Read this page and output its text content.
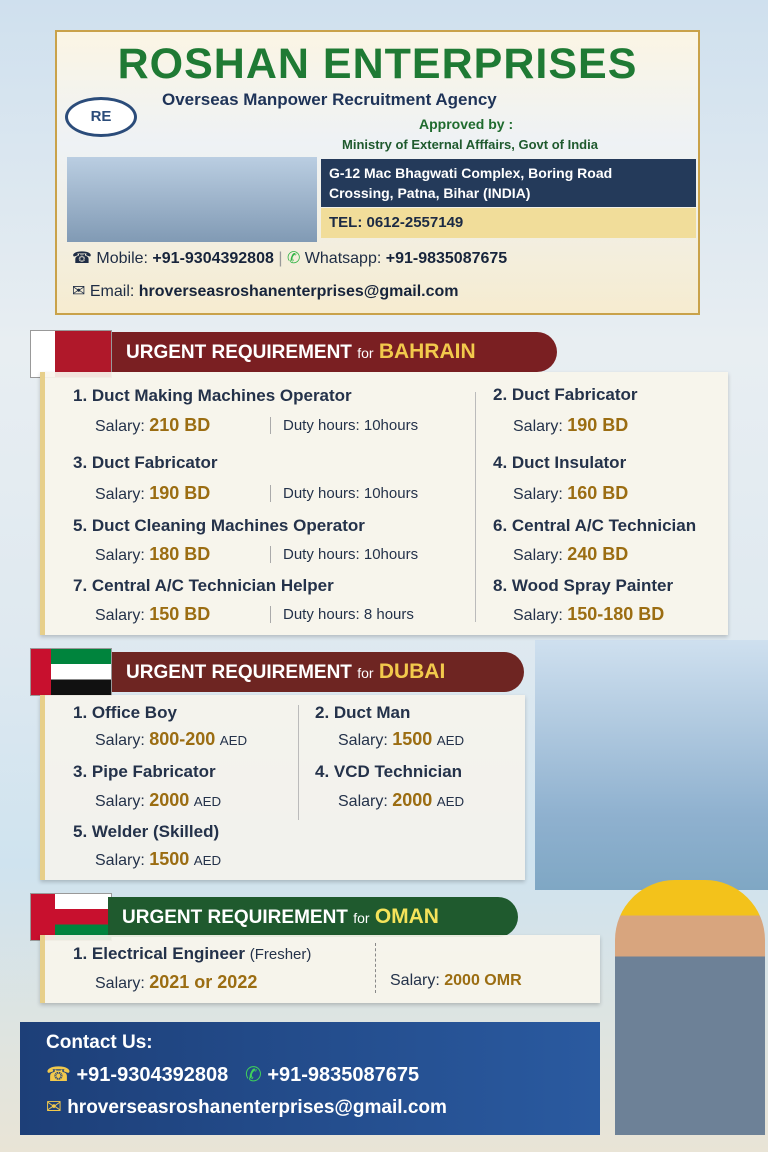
ROSHAN ENTERPRISES
RE
Overseas Manpower Recruitment Agency
Approved by :
Ministry of External Afffairs, Govt of India
G-12 Mac Bhagwati Complex, Boring Road
Crossing, Patna, Bihar (INDIA)
TEL: 0612-2557149
☎ Mobile: +91-9304392808 | ✆ Whatsapp: +91-9835087675
✉ Email: hroverseasroshanenterprises@gmail.com
URGENT REQUIREMENT for BAHRAIN
1. Duct Making Machines Operator
Salary: 210 BD	Duty hours: 10hours
2. Duct Fabricator
Salary: 190 BD
3. Duct Fabricator
Salary: 190 BD	Duty hours: 10hours
4. Duct Insulator
Salary: 160 BD
5. Duct Cleaning Machines Operator
Salary: 180 BD	Duty hours: 10hours
6. Central A/C Technician
Salary: 240 BD
7. Central A/C Technician Helper
Salary: 150 BD	Duty hours: 8 hours
8. Wood Spray Painter
Salary: 150-180 BD
URGENT REQUIREMENT for DUBAI
1. Office Boy
Salary: 800-200 AED
2. Duct Man
Salary: 1500 AED
3. Pipe Fabricator
Salary: 2000 AED
4. VCD Technician
Salary: 2000 AED
5. Welder (Skilled)
Salary: 1500 AED
URGENT REQUIREMENT for OMAN
1. Electrical Engineer (Fresher)
Salary: 2021 or 2022	Salary: 2000 OMR
Contact Us:
☎ +91-9304392808 ✆ +91-9835087675
✉ hroverseasroshanenterprises@gmail.com
